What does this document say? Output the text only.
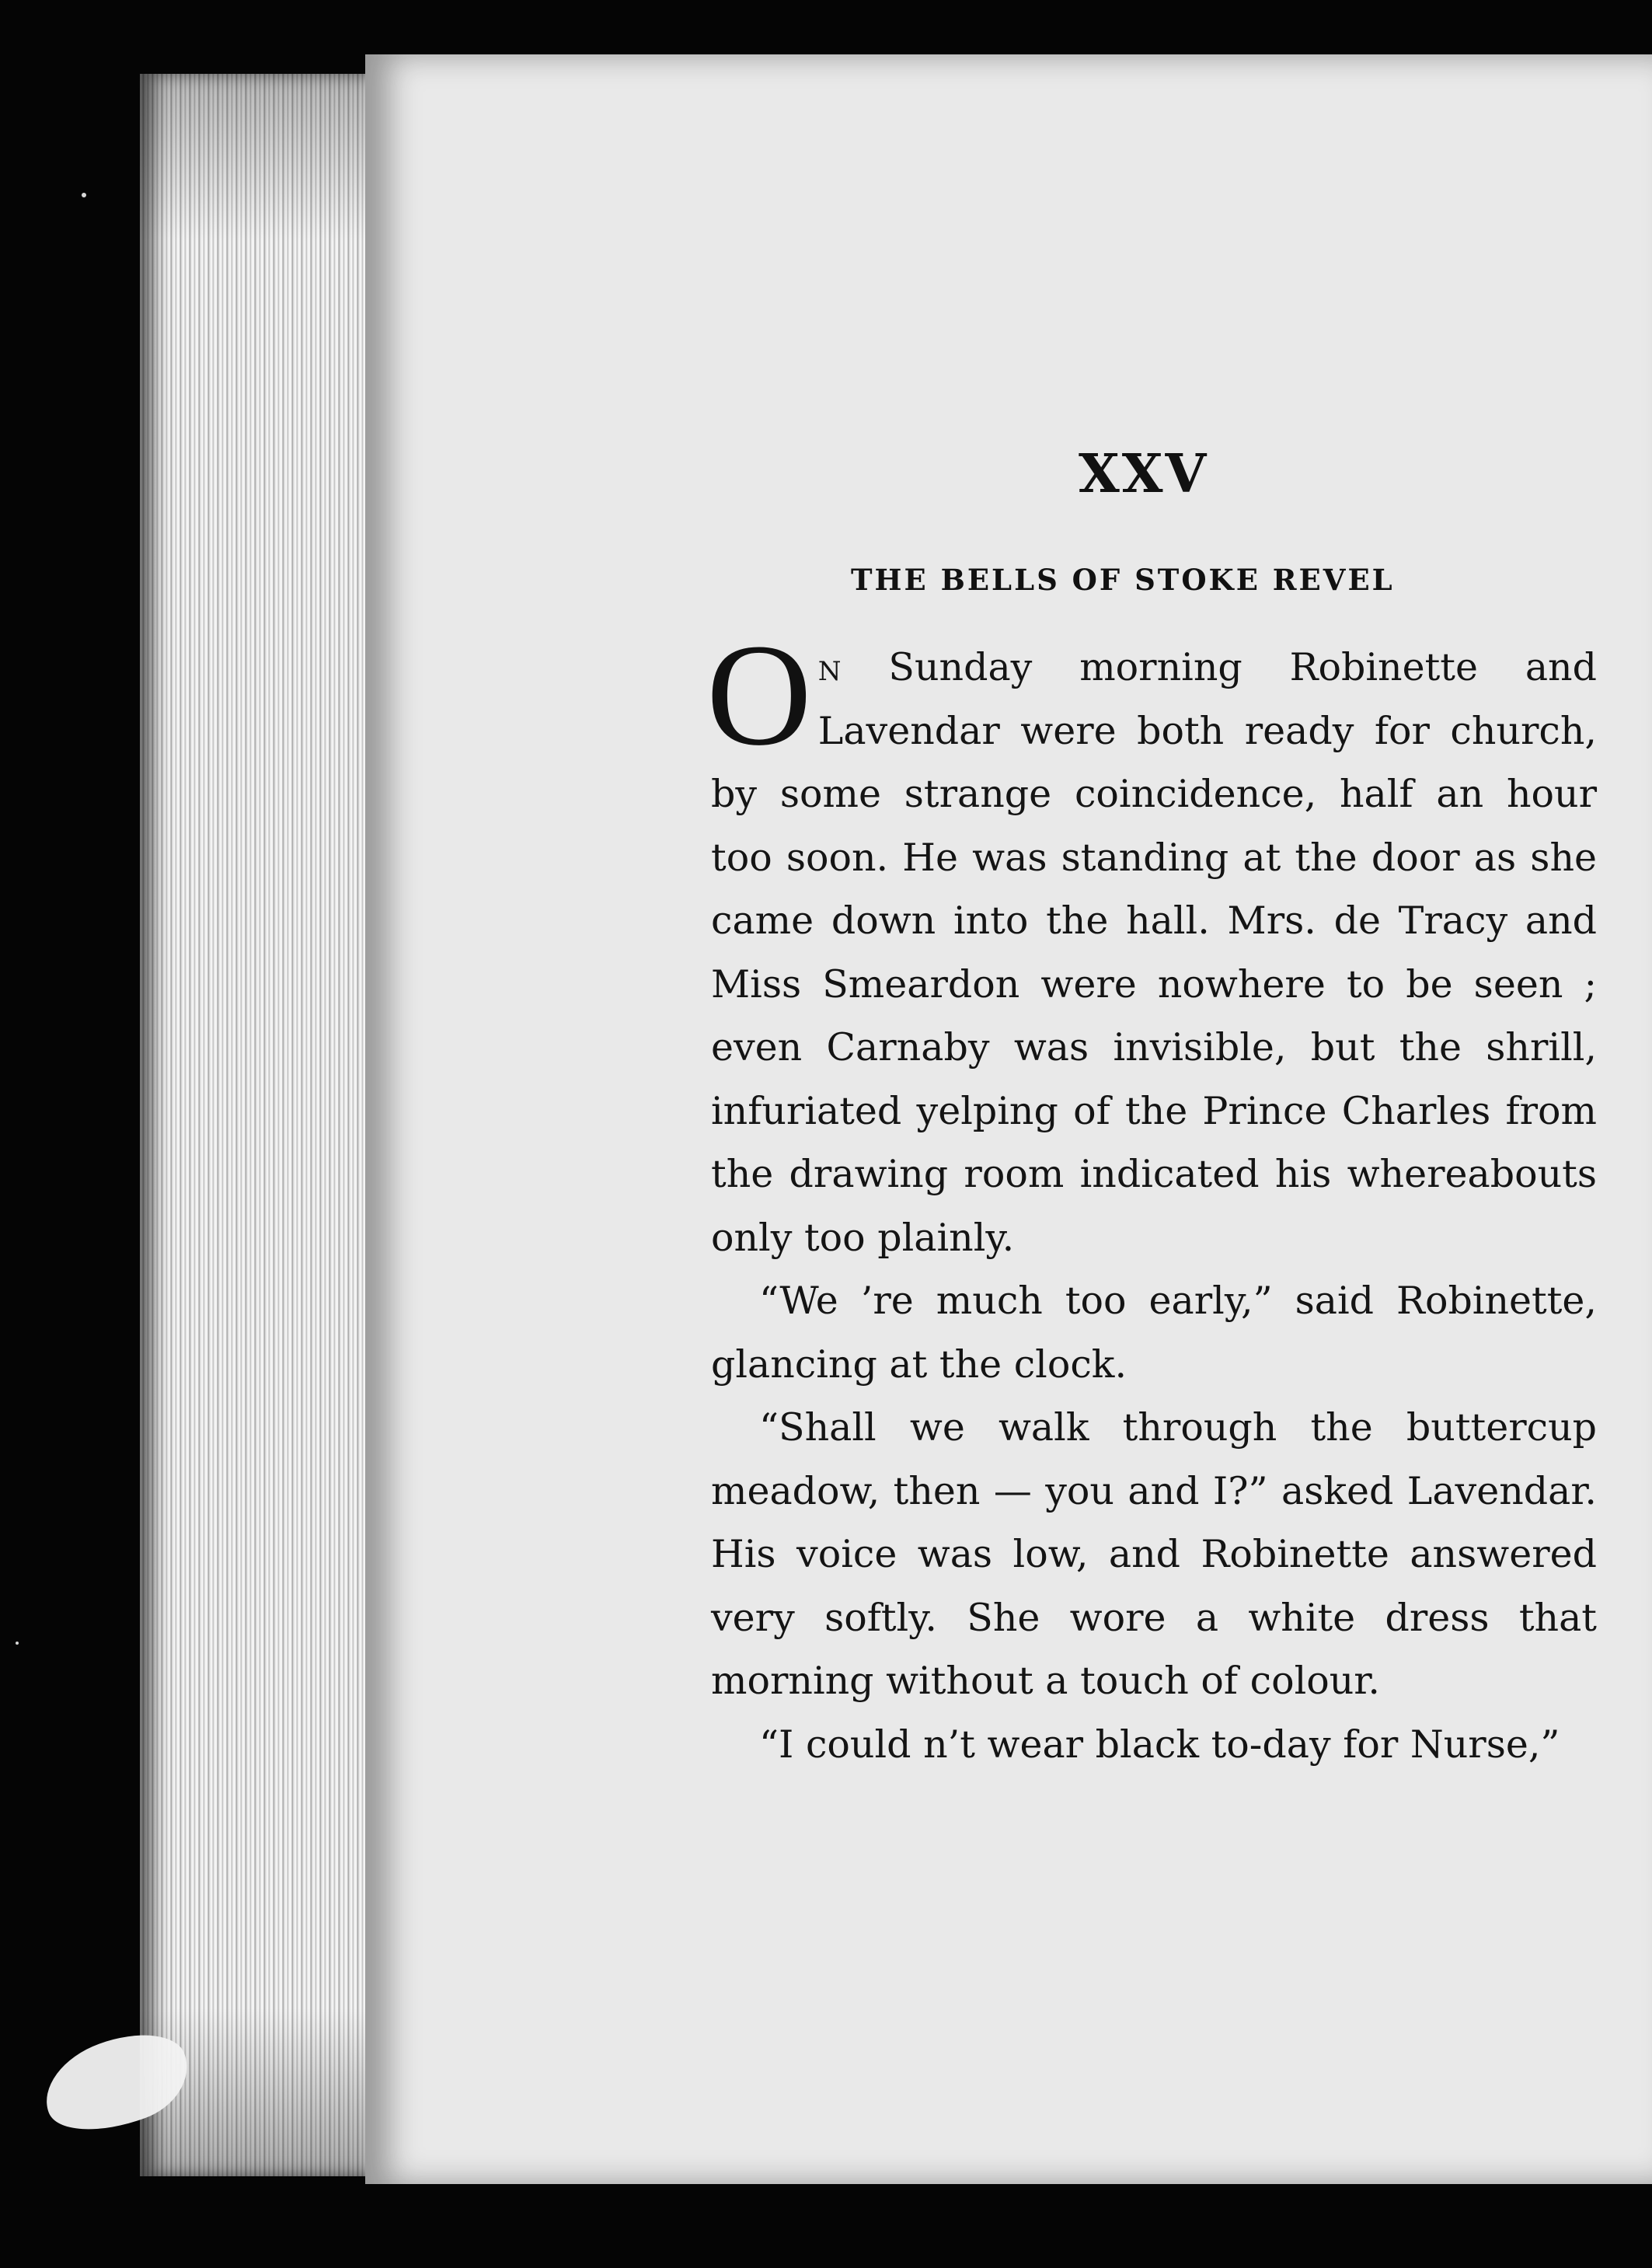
XXV
THE BELLS OF STOKE REVEL

On Sunday morning Robinette and Lavendar were both ready for church, by some strange coincidence, half an hour too soon. He was standing at the door as she came down into the hall. Mrs. de Tracy and Miss Smeardon were nowhere to be seen ; even Carnaby was invisible, but the shrill, infuriated yelping of the Prince Charles from the drawing room indicated his whereabouts only too plainly.

“We ’re much too early,” said Robinette, glancing at the clock.

“Shall we walk through the buttercup meadow, then — you and I?” asked Lavendar. His voice was low, and Robinette answered very softly. She wore a white dress that morning without a touch of colour.

“I could n’t wear black to-day for Nurse,”
